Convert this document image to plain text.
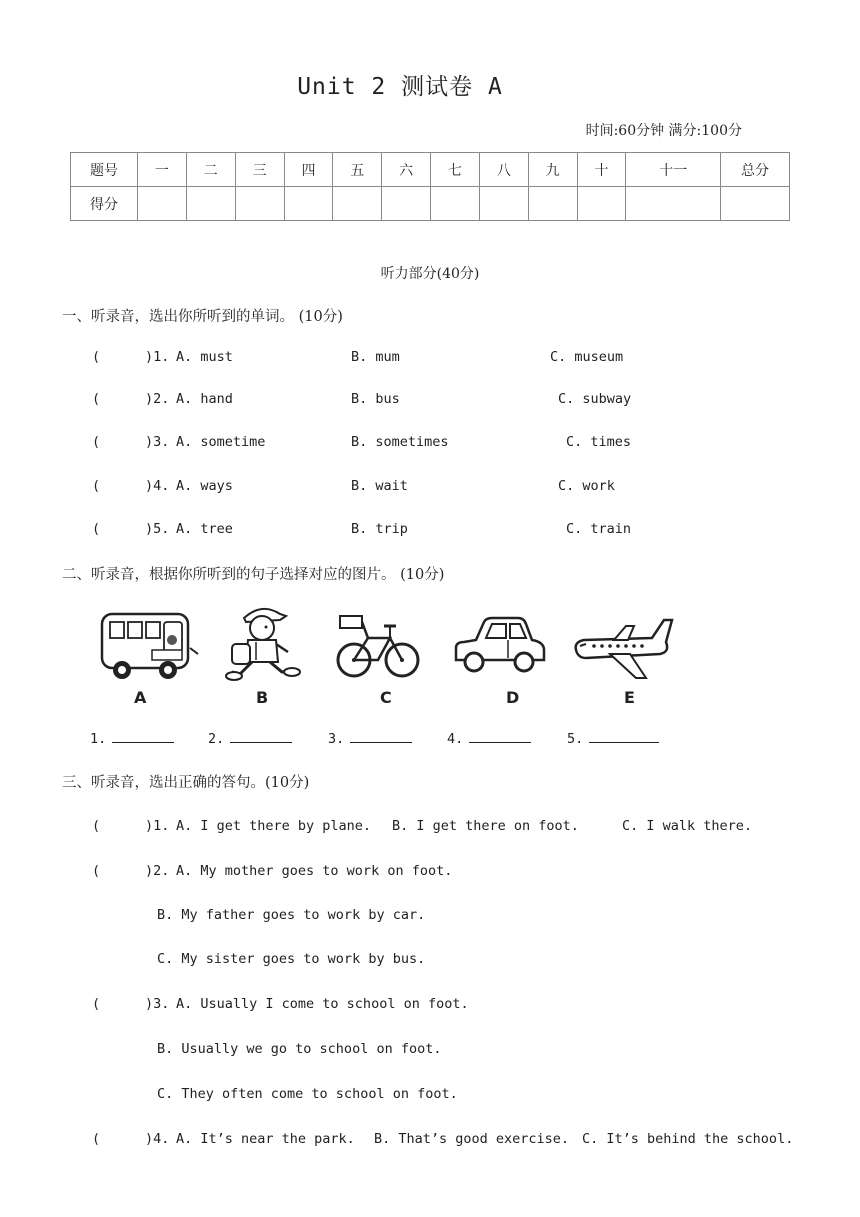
Unit 2 测试卷 A
时间:60分钟 满分:100分
题号	一	二	三	四	五	六	七	八	九	十	十一	总分
得分												
听力部分(40分)
一、听录音，选出你所听到的单词。 (10分)
(	)1. A. must	B. mum	C. museum
(	)2. A. hand	B. bus	C. subway
(	)3. A. sometime	B. sometimes	C. times
(	)4. A. ways	B. wait	C. work
(	)5. A. tree	B. trip	C. train
二、听录音，根据你所听到的句子选择对应的图片。 (10分)
A	B	C	D	E
1.	2.	3.	4.	5.
三、听录音，选出正确的答句。(10分)
(	)1. A. I get there by plane. B. I get there on foot.	C. I walk there.
(	)2. A. My mother goes to work on foot.
B. My father goes to work by car.
C. My sister goes to work by bus.
(	)3. A. Usually I come to school on foot.
B. Usually we go to school on foot.
C. They often come to school on foot.
(	)4. A. It’s near the park. B. That’s good exercise. C. It’s behind the school.
